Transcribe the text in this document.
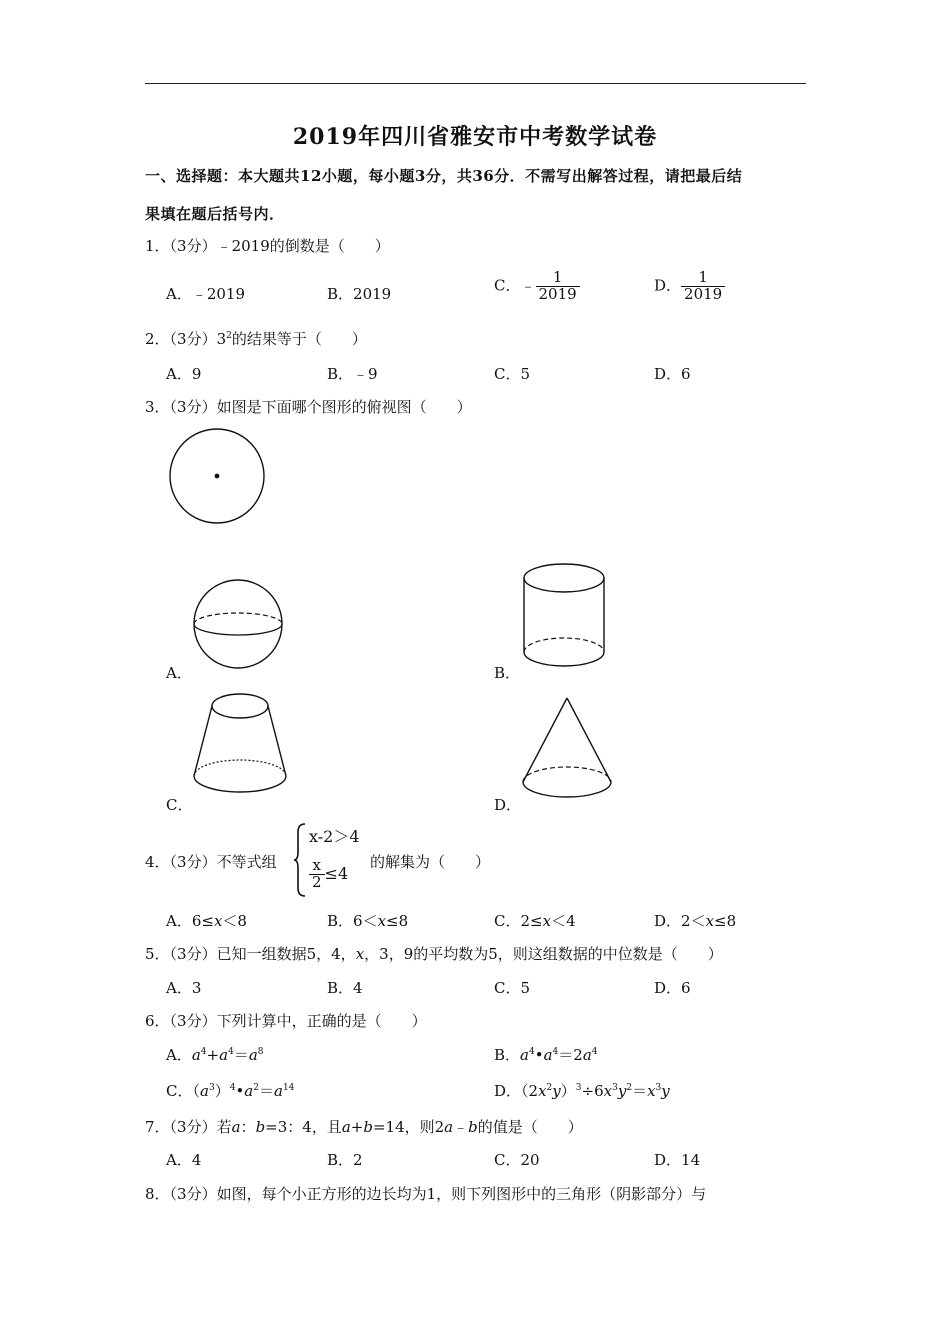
2019年四川省雅安市中考数学试卷
一、选择题：本大题共12小题，每小题3分，共36分．不需写出解答过程，请把最后结
果填在题后括号内．
1．（3分）﹣2019的倒数是（　　）
A．﹣2019	B．2019	C．﹣ $\frac{1}{2019}$	D． $\frac{1}{2019}$
2．（3分）$3^2$的结果等于（　　）
A．9	B．﹣9	C．5	D．6
3．（3分）如图是下面哪个图形的俯视图（　　）
A．	B．
C．	D．
4．（3分）不等式组
x-2＞4
$\frac{x}{2} \le 4$
的解集为（　　）
A．6≤x＜8	B．6＜x≤8	C．2≤x＜4	D．2＜x≤8
5．（3分）已知一组数据5，4，x，3，9的平均数为5，则这组数据的中位数是（　　）
A．3	B．4	C．5	D．6
6．（3分）下列计算中，正确的是（　　）
A．$a^4+a^4=a^8$	B．$a^4•a^4=2a^4$
C．$(a^3)^4•a^2=a^{14}$	D．$(2x^2y)^3\div 6x^3y^2=x^3y$
7．（3分）若a：b=3：4，且a+b=14，则2a﹣b的值是（　　）
A．4	B．2	C．20	D．14
8．（3分）如图，每个小正方形的边长均为1，则下列图形中的三角形（阴影部分）与
